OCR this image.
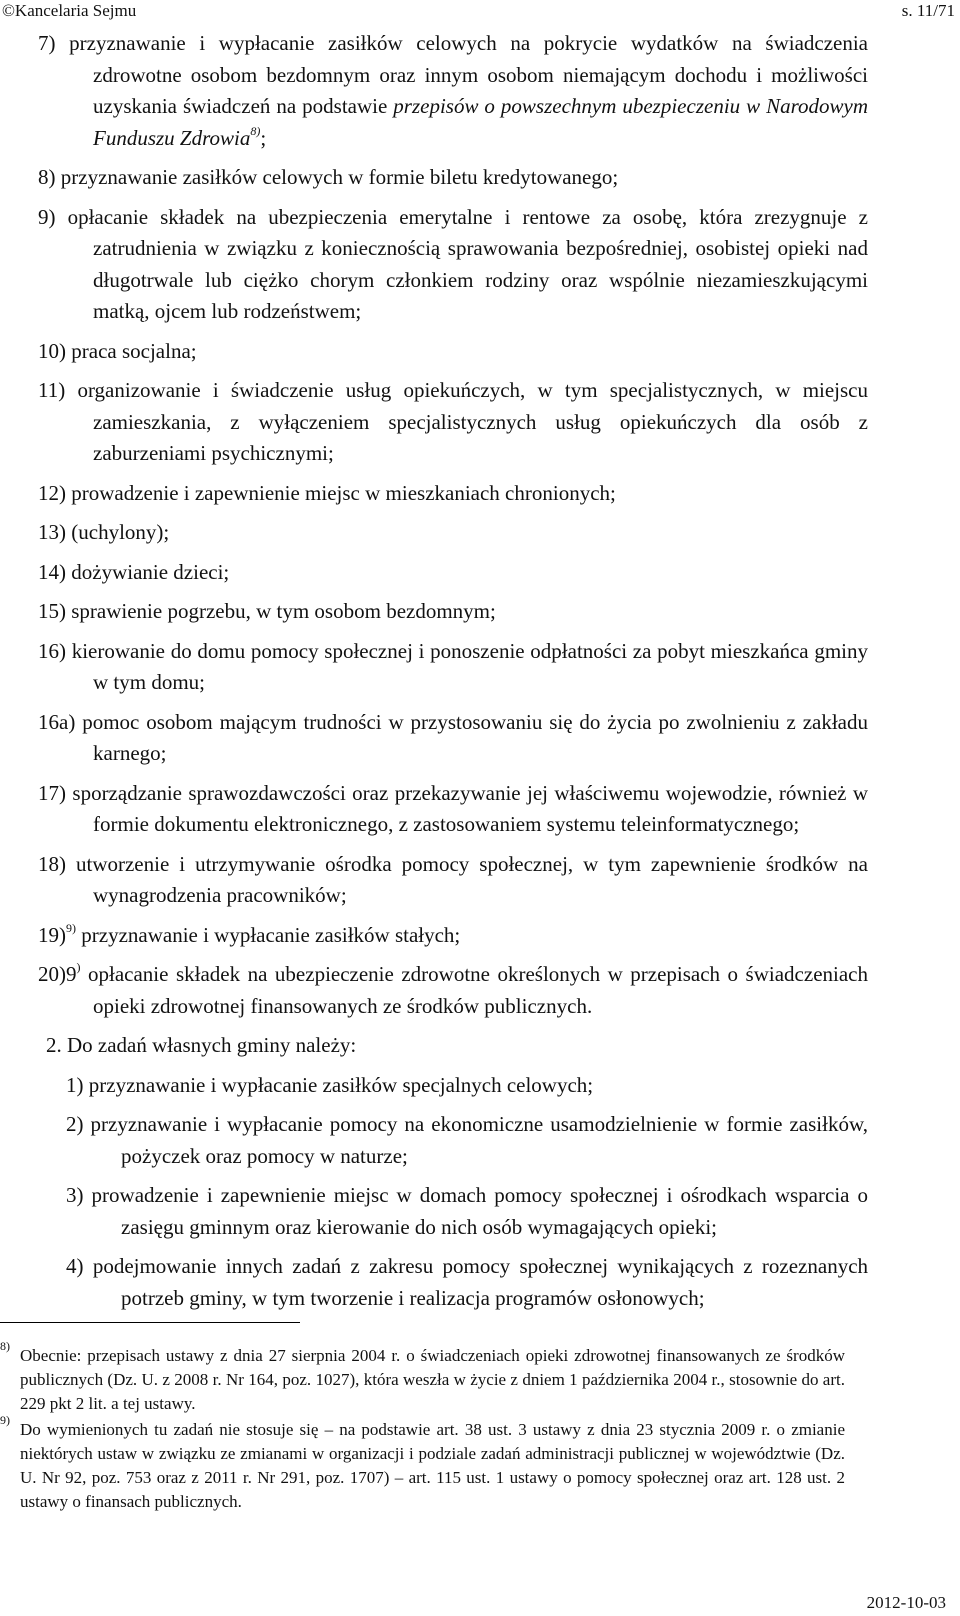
©Kancelaria Sejmu	s. 11/71
7) przyznawanie i wypłacanie zasiłków celowych na pokrycie wydatków na świadczenia zdrowotne osobom bezdomnym oraz innym osobom niemającym dochodu i możliwości uzyskania świadczeń na podstawie przepisów o powszechnym ubezpieczeniu w Narodowym Funduszu Zdrowia$^{8)}$;
8) przyznawanie zasiłków celowych w formie biletu kredytowanego;
9) opłacanie składek na ubezpieczenia emerytalne i rentowe za osobę, która zrezygnuje z zatrudnienia w związku z koniecznością sprawowania bezpośredniej, osobistej opieki nad długotrwale lub ciężko chorym członkiem rodziny oraz wspólnie niezamieszkującymi matką, ojcem lub rodzeństwem;
10) praca socjalna;
11) organizowanie i świadczenie usług opiekuńczych, w tym specjalistycznych, w miejscu zamieszkania, z wyłączeniem specjalistycznych usług opiekuńczych dla osób z zaburzeniami psychicznymi;
12) prowadzenie i zapewnienie miejsc w mieszkaniach chronionych;
13) (uchylony);
14) dożywianie dzieci;
15) sprawienie pogrzebu, w tym osobom bezdomnym;
16) kierowanie do domu pomocy społecznej i ponoszenie odpłatności za pobyt mieszkańca gminy w tym domu;
16a) pomoc osobom mającym trudności w przystosowaniu się do życia po zwolnieniu z zakładu karnego;
17) sporządzanie sprawozdawczości oraz przekazywanie jej właściwemu wojewodzie, również w formie dokumentu elektronicznego, z zastosowaniem systemu teleinformatycznego;
18) utworzenie i utrzymywanie ośrodka pomocy społecznej, w tym zapewnienie środków na wynagrodzenia pracowników;
19)$^{9)}$ przyznawanie i wypłacanie zasiłków stałych;
20)9) opłacanie składek na ubezpieczenie zdrowotne określonych w przepisach o świadczeniach opieki zdrowotnej finansowanych ze środków publicznych.
2. Do zadań własnych gminy należy:
1) przyznawanie i wypłacanie zasiłków specjalnych celowych;
2) przyznawanie i wypłacanie pomocy na ekonomiczne usamodzielnienie w formie zasiłków, pożyczek oraz pomocy w naturze;
3) prowadzenie i zapewnienie miejsc w domach pomocy społecznej i ośrodkach wsparcia o zasięgu gminnym oraz kierowanie do nich osób wymagających opieki;
4) podejmowanie innych zadań z zakresu pomocy społecznej wynikających z rozeznanych potrzeb gminy, w tym tworzenie i realizacja programów osłonowych;
8) Obecnie: przepisach ustawy z dnia 27 sierpnia 2004 r. o świadczeniach opieki zdrowotnej finansowanych ze środków publicznych (Dz. U. z 2008 r. Nr 164, poz. 1027), która weszła w życie z dniem 1 października 2004 r., stosownie do art. 229 pkt 2 lit. a tej ustawy.
9) Do wymienionych tu zadań nie stosuje się – na podstawie art. 38 ust. 3 ustawy z dnia 23 stycznia 2009 r. o zmianie niektórych ustaw w związku ze zmianami w organizacji i podziale zadań administracji publicznej w województwie (Dz. U. Nr 92, poz. 753 oraz z 2011 r. Nr 291, poz. 1707) – art. 115 ust. 1 ustawy o pomocy społecznej oraz art. 128 ust. 2 ustawy o finansach publicznych.
2012-10-03
